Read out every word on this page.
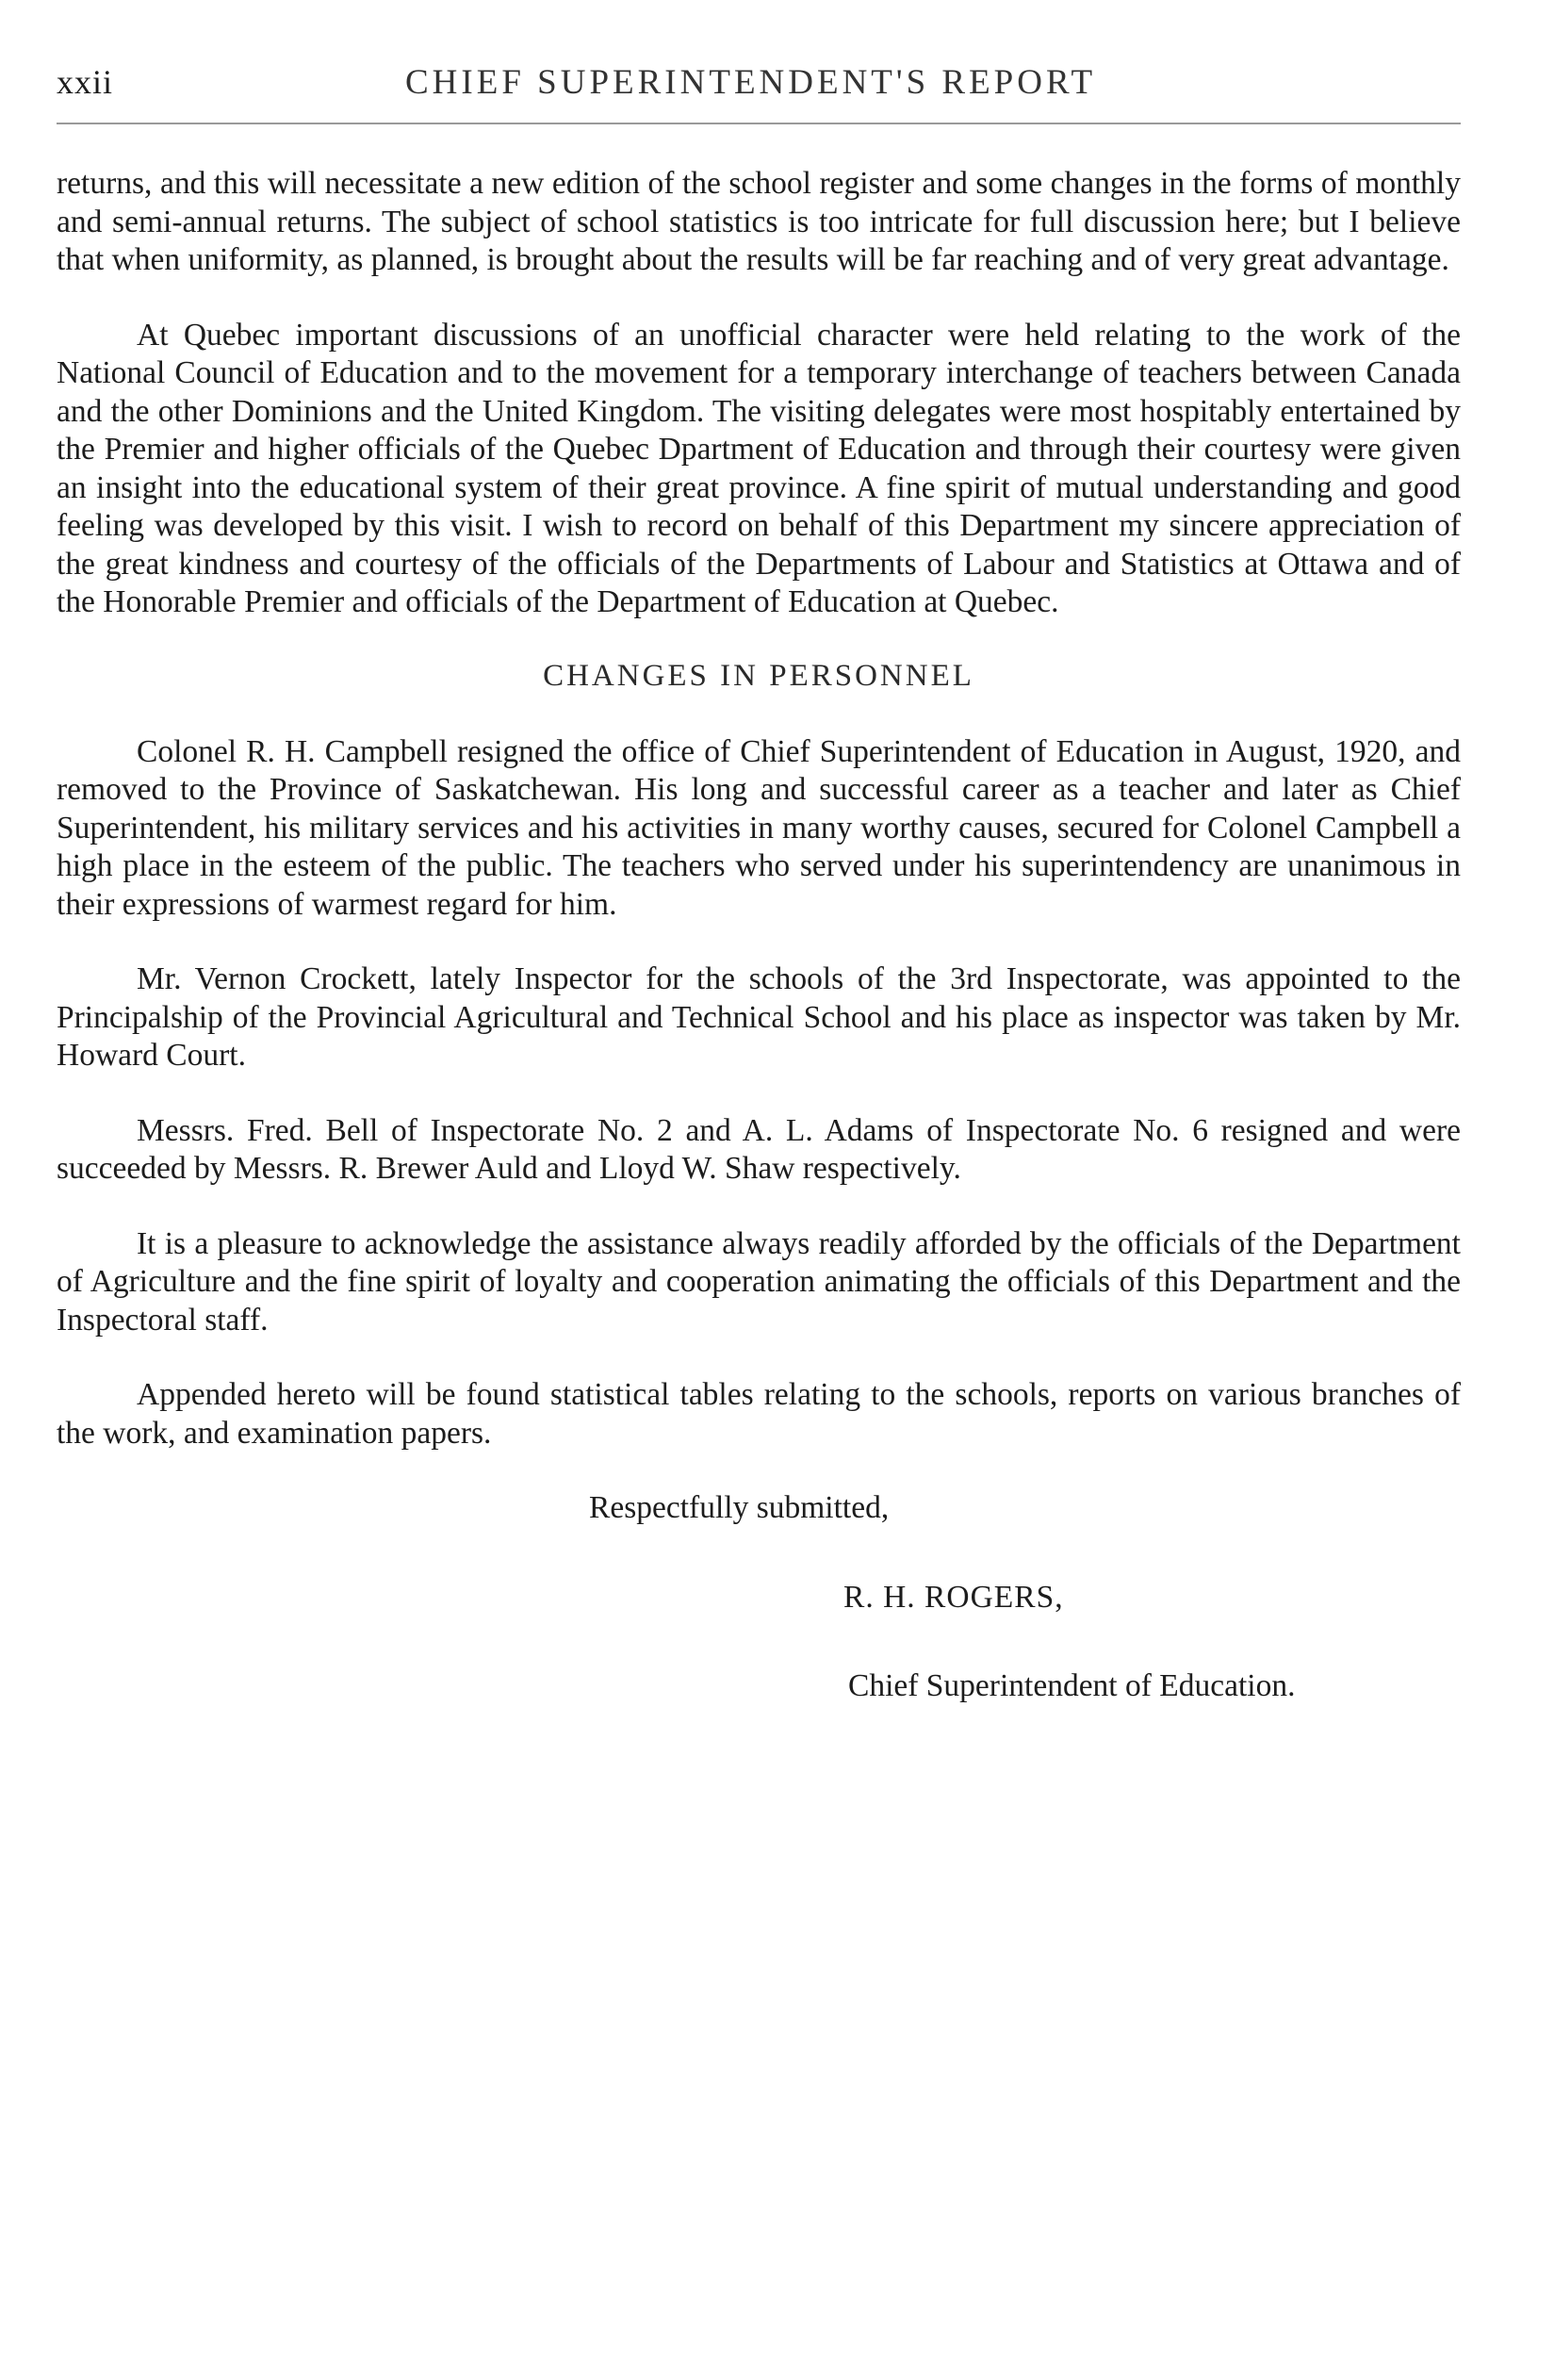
xxii	CHIEF SUPERINTENDENT'S REPORT

returns, and this will necessitate a new edition of the school register and some changes in the forms of monthly and semi-annual returns. The subject of school statistics is too intricate for full discussion here; but I believe that when uniformity, as planned, is brought about the results will be far reaching and of very great advantage.

At Quebec important discussions of an unofficial character were held relating to the work of the National Council of Education and to the movement for a temporary interchange of teachers between Canada and the other Dominions and the United Kingdom. The visiting delegates were most hospitably entertained by the Premier and higher officials of the Quebec Dpartment of Education and through their courtesy were given an insight into the educational system of their great province. A fine spirit of mutual understanding and good feeling was developed by this visit. I wish to record on behalf of this Department my sincere appreciation of the great kindness and courtesy of the officials of the Departments of Labour and Statistics at Ottawa and of the Honorable Premier and officials of the Department of Education at Quebec.

CHANGES IN PERSONNEL

Colonel R. H. Campbell resigned the office of Chief Superintendent of Education in August, 1920, and removed to the Province of Saskatchewan. His long and successful career as a teacher and later as Chief Superintendent, his military services and his activities in many worthy causes, secured for Colonel Campbell a high place in the esteem of the public. The teachers who served under his superintendency are unanimous in their expressions of warmest regard for him.

Mr. Vernon Crockett, lately Inspector for the schools of the 3rd Inspectorate, was appointed to the Principalship of the Provincial Agricultural and Technical School and his place as inspector was taken by Mr. Howard Court.

Messrs. Fred. Bell of Inspectorate No. 2 and A. L. Adams of Inspectorate No. 6 resigned and were succeeded by Messrs. R. Brewer Auld and Lloyd W. Shaw respectively.

It is a pleasure to acknowledge the assistance always readily afforded by the officials of the Department of Agriculture and the fine spirit of loyalty and cooperation animating the officials of this Department and the Inspectoral staff.

Appended hereto will be found statistical tables relating to the schools, reports on various branches of the work, and examination papers.

Respectfully submitted,
R. H. ROGERS,
Chief Superintendent of Education.
